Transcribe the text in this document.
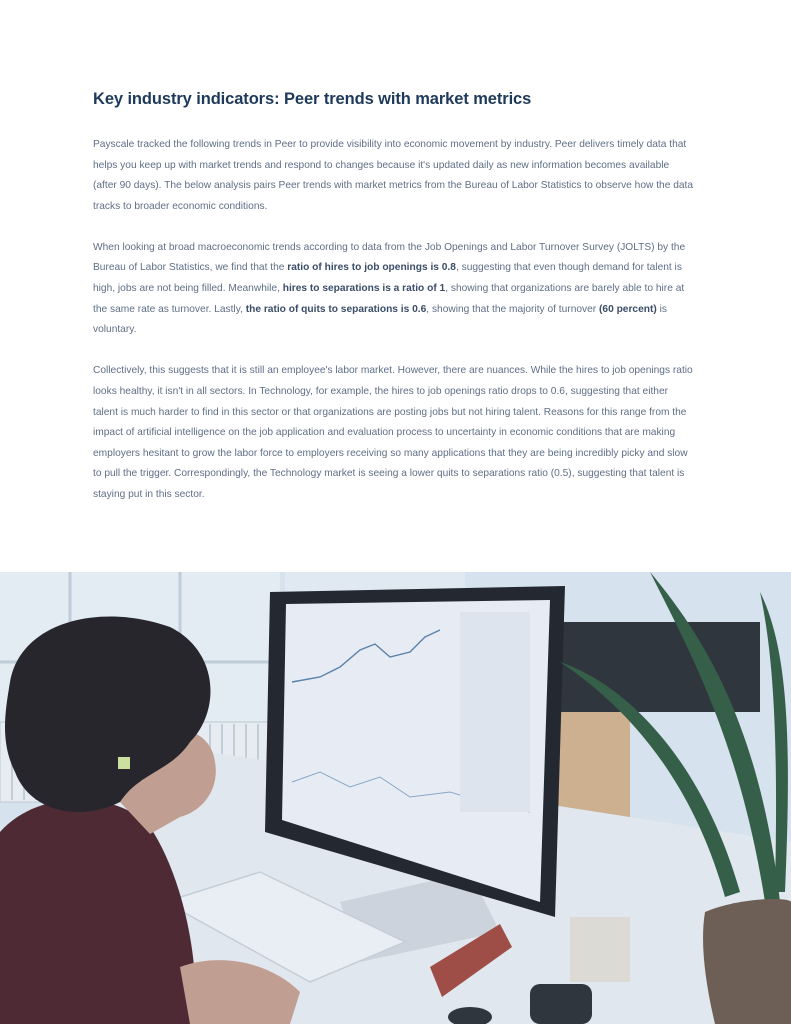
Key industry indicators: Peer trends with market metrics

Payscale tracked the following trends in Peer to provide visibility into economic movement by industry. Peer delivers timely data that helps you keep up with market trends and respond to changes because it's updated daily as new information becomes available (after 90 days). The below analysis pairs Peer trends with market metrics from the Bureau of Labor Statistics to observe how the data tracks to broader economic conditions.

When looking at broad macroeconomic trends according to data from the Job Openings and Labor Turnover Survey (JOLTS) by the Bureau of Labor Statistics, we find that the ratio of hires to job openings is 0.8, suggesting that even though demand for talent is high, jobs are not being filled. Meanwhile, hires to separations is a ratio of 1, showing that organizations are barely able to hire at the same rate as turnover. Lastly, the ratio of quits to separations is 0.6, showing that the majority of turnover (60 percent) is voluntary.

Collectively, this suggests that it is still an employee's labor market. However, there are nuances. While the hires to job openings ratio looks healthy, it isn't in all sectors. In Technology, for example, the hires to job openings ratio drops to 0.6, suggesting that either talent is much harder to find in this sector or that organizations are posting jobs but not hiring talent. Reasons for this range from the impact of artificial intelligence on the job application and evaluation process to uncertainty in economic conditions that are making employers hesitant to grow the labor force to employers receiving so many applications that they are being incredibly picky and slow to pull the trigger. Correspondingly, the Technology market is seeing a lower quits to separations ratio (0.5), suggesting that talent is staying put in this sector.
